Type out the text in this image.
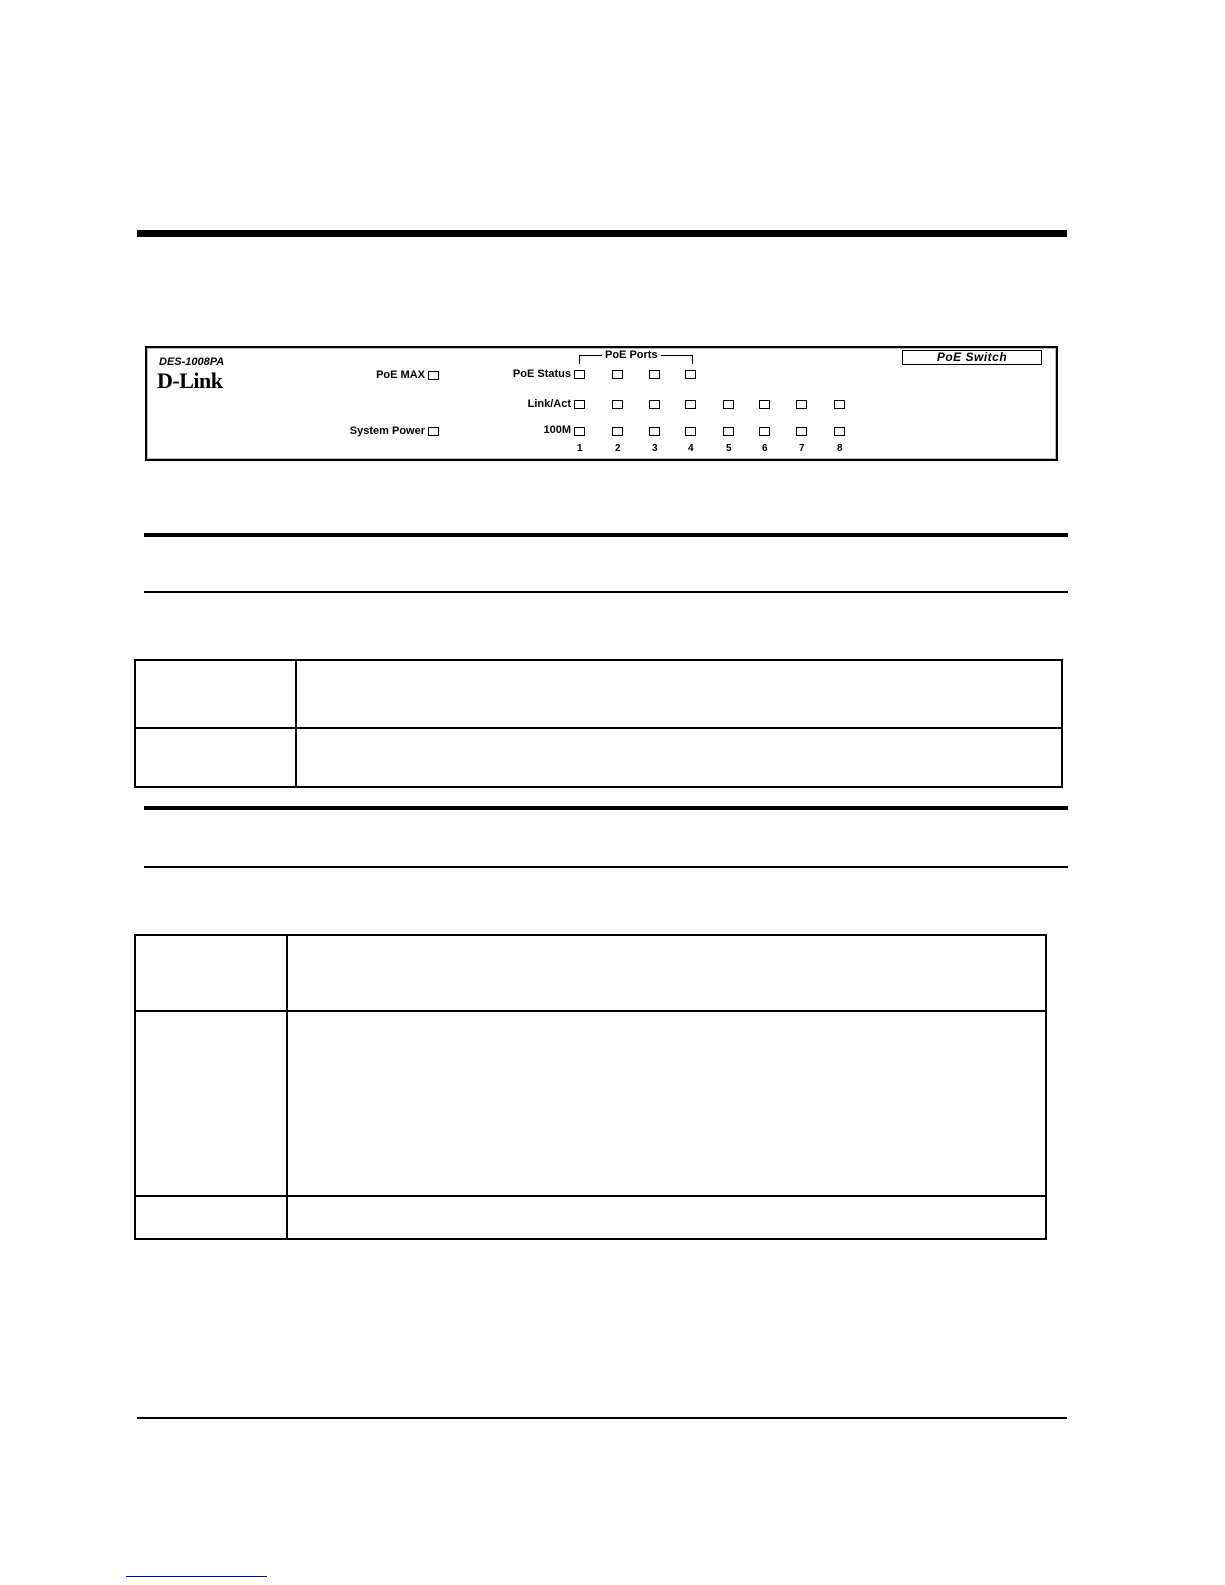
DES-1008PA
D-Link
PoE Switch
PoE MAX
System Power
PoE Ports
PoE Status
Link/Act
100M
1	2	3	4	5	6	7	8
